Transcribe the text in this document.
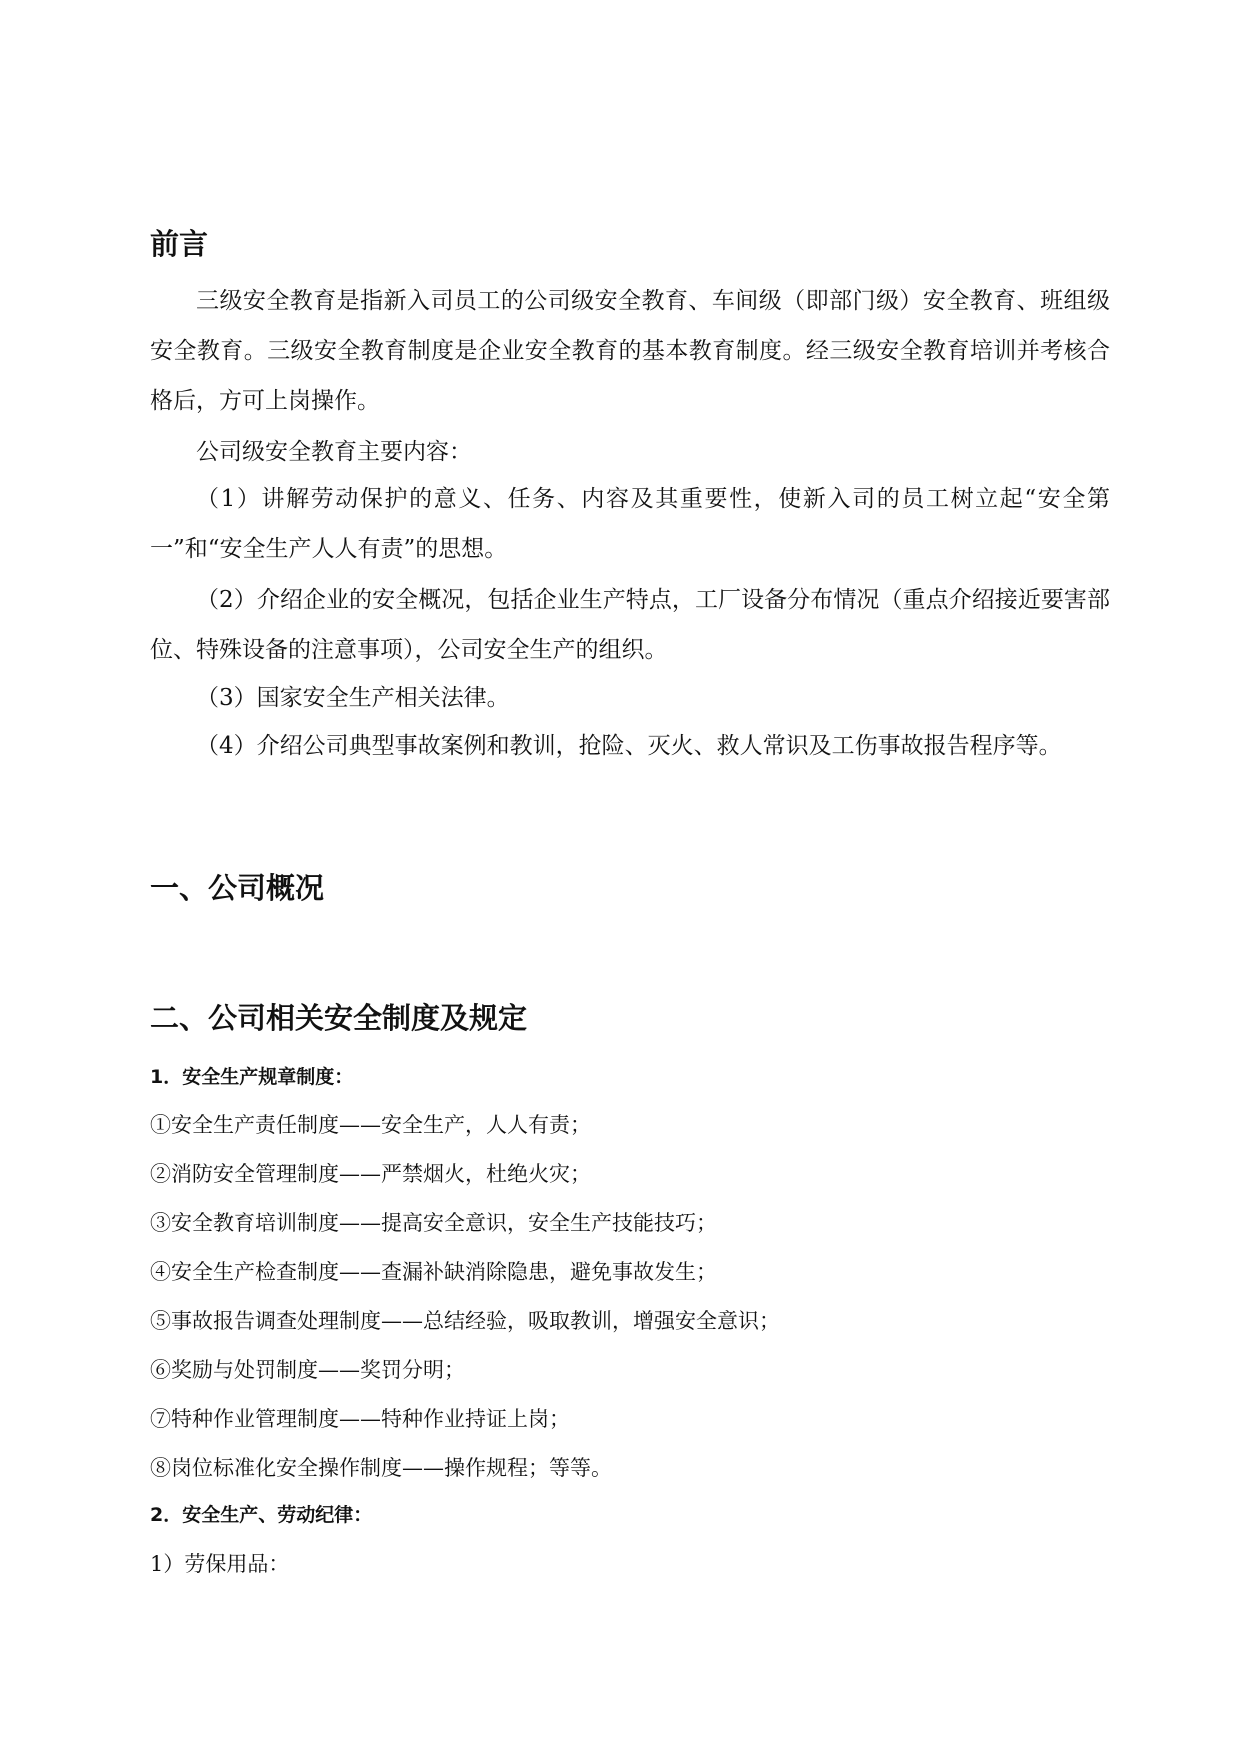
前言

三级安全教育是指新入司员工的公司级安全教育、车间级（即部门级）安全教育、班组级安全教育。三级安全教育制度是企业安全教育的基本教育制度。经三级安全教育培训并考核合格后，方可上岗操作。

公司级安全教育主要内容：

（1）讲解劳动保护的意义、任务、内容及其重要性，使新入司的员工树立起“安全第一”和“安全生产人人有责”的思想。

（2）介绍企业的安全概况，包括企业生产特点，工厂设备分布情况（重点介绍接近要害部位、特殊设备的注意事项），公司安全生产的组织。

（3）国家安全生产相关法律。

（4）介绍公司典型事故案例和教训，抢险、灭火、救人常识及工伤事故报告程序等。

一、公司概况
二、公司相关安全制度及规定

1．安全生产规章制度：

①安全生产责任制度——安全生产，人人有责；

②消防安全管理制度——严禁烟火，杜绝火灾；

③安全教育培训制度——提高安全意识，安全生产技能技巧；

④安全生产检查制度——查漏补缺消除隐患，避免事故发生；

⑤事故报告调查处理制度——总结经验，吸取教训，增强安全意识；

⑥奖励与处罚制度——奖罚分明；

⑦特种作业管理制度——特种作业持证上岗；

⑧岗位标准化安全操作制度——操作规程；等等。

2．安全生产、劳动纪律：

1）劳保用品：
